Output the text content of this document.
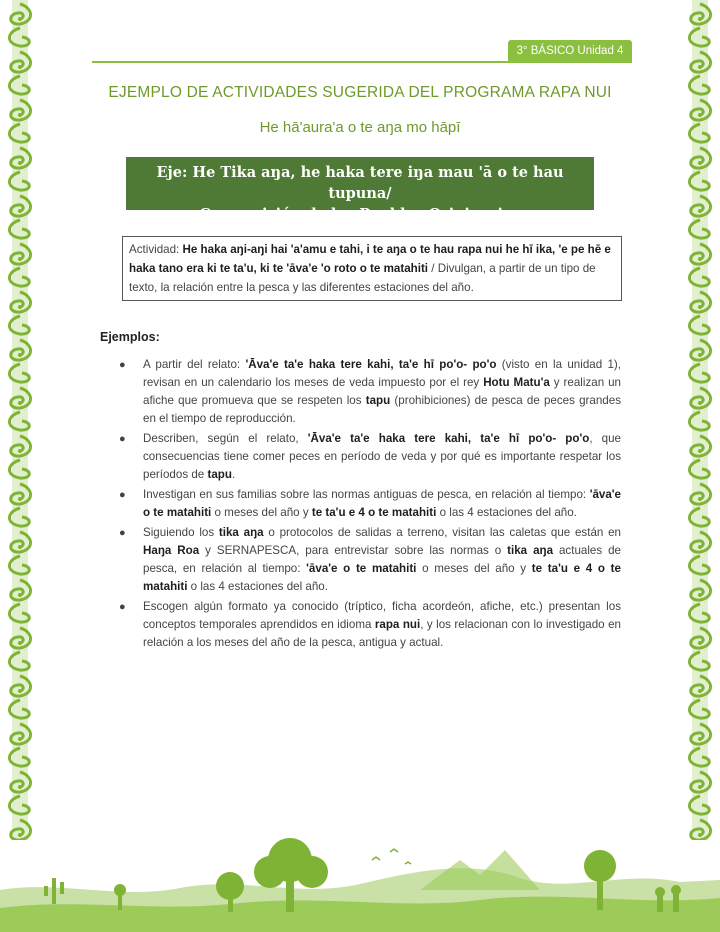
3° BÁSICO Unidad 4
EJEMPLO DE ACTIVIDADES SUGERIDA DEL PROGRAMA RAPA NUI
He hā'aura'a o te aŋa mo hāpī
Eje: He Tika aŋa, he haka tere iŋa mau 'ā o te hau tupuna/
Cosmovisión de los Pueblos Originarios
Actividad: He haka aŋi-aŋi hai 'a'amu e tahi, i te aŋa o te hau rapa nui he hī ika, 'e pe hē e haka tano era ki te ta'u, ki te 'āva'e 'o roto o te matahiti / Divulgan, a partir de un tipo de texto, la relación entre la pesca y las diferentes estaciones del año.
Ejemplos:
● A partir del relato: 'Āva'e ta'e haka tere kahi, ta'e hī po'o- po'o (visto en la unidad 1), revisan en un calendario los meses de veda impuesto por el rey Hotu Matu'a y realizan un afiche que promueva que se respeten los tapu (prohibiciones) de pesca de peces grandes en el tiempo de reproducción.
● Describen, según el relato, 'Āva'e ta'e haka tere kahi, ta'e hī po'o- po'o, que consecuencias tiene comer peces en período de veda y por qué es importante respetar los períodos de tapu.
● Investigan en sus familias sobre las normas antiguas de pesca, en relación al tiempo: 'āva'e o te matahiti o meses del año y te ta'u e 4 o te matahiti o las 4 estaciones del año.
● Siguiendo los tika aŋa o protocolos de salidas a terreno, visitan las caletas que están en Haŋa Roa y SERNAPESCA, para entrevistar sobre las normas o tika aŋa actuales de pesca, en relación al tiempo: 'āva'e o te matahiti o meses del año y te ta'u e 4 o te matahiti o las 4 estaciones del año.
● Escogen algún formato ya conocido (tríptico, ficha acordeón, afiche, etc.) presentan los conceptos temporales aprendidos en idioma rapa nui, y los relacionan con lo investigado en relación a los meses del año de la pesca, antigua y actual.
